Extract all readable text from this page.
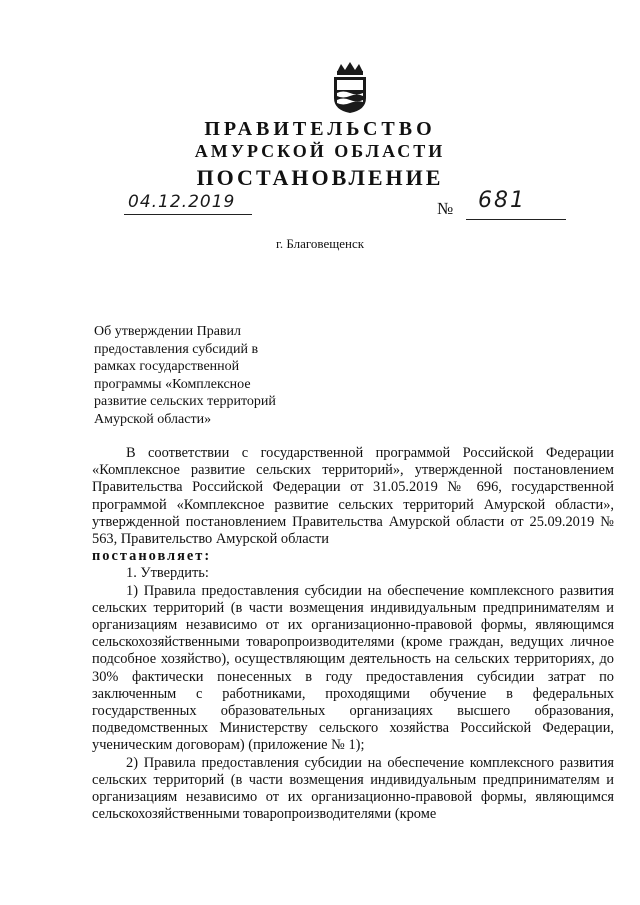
ПРАВИТЕЛЬСТВО
АМУРСКОЙ ОБЛАСТИ
ПОСТАНОВЛЕНИЕ
04.12.2019	№ 681
г. Благовещенск
Об утверждении Правил
предоставления субсидий в
рамках государственной
программы «Комплексное
развитие сельских территорий
Амурской области»

В соответствии с государственной программой Российской Федерации «Комплексное развитие сельских территорий», утвержденной постановлением Правительства Российской Федерации от 31.05.2019 № 696, государственной программой «Комплексное развитие сельских территорий Амурской области», утвержденной постановлением Правительства Амурской области от 25.09.2019 № 563, Правительство Амурской области

постановляет:

1. Утвердить:

1) Правила предоставления субсидии на обеспечение комплексного развития сельских территорий (в части возмещения индивидуальным предпринимателям и организациям независимо от их организационно-правовой формы, являющимся сельскохозяйственными товаропроизводителями (кроме граждан, ведущих личное подсобное хозяйство), осуществляющим деятельность на сельских территориях, до 30% фактически понесенных в году предоставления субсидии затрат по заключенным с работниками, проходящими обучение в федеральных государственных образовательных организациях высшего образования, подведомственных Министерству сельского хозяйства Российской Федерации, ученическим договорам) (приложение № 1);

2) Правила предоставления субсидии на обеспечение комплексного развития сельских территорий (в части возмещения индивидуальным предпринимателям и организациям независимо от их организационно-правовой формы, являющимся сельскохозяйственными товаропроизводителями (кроме
